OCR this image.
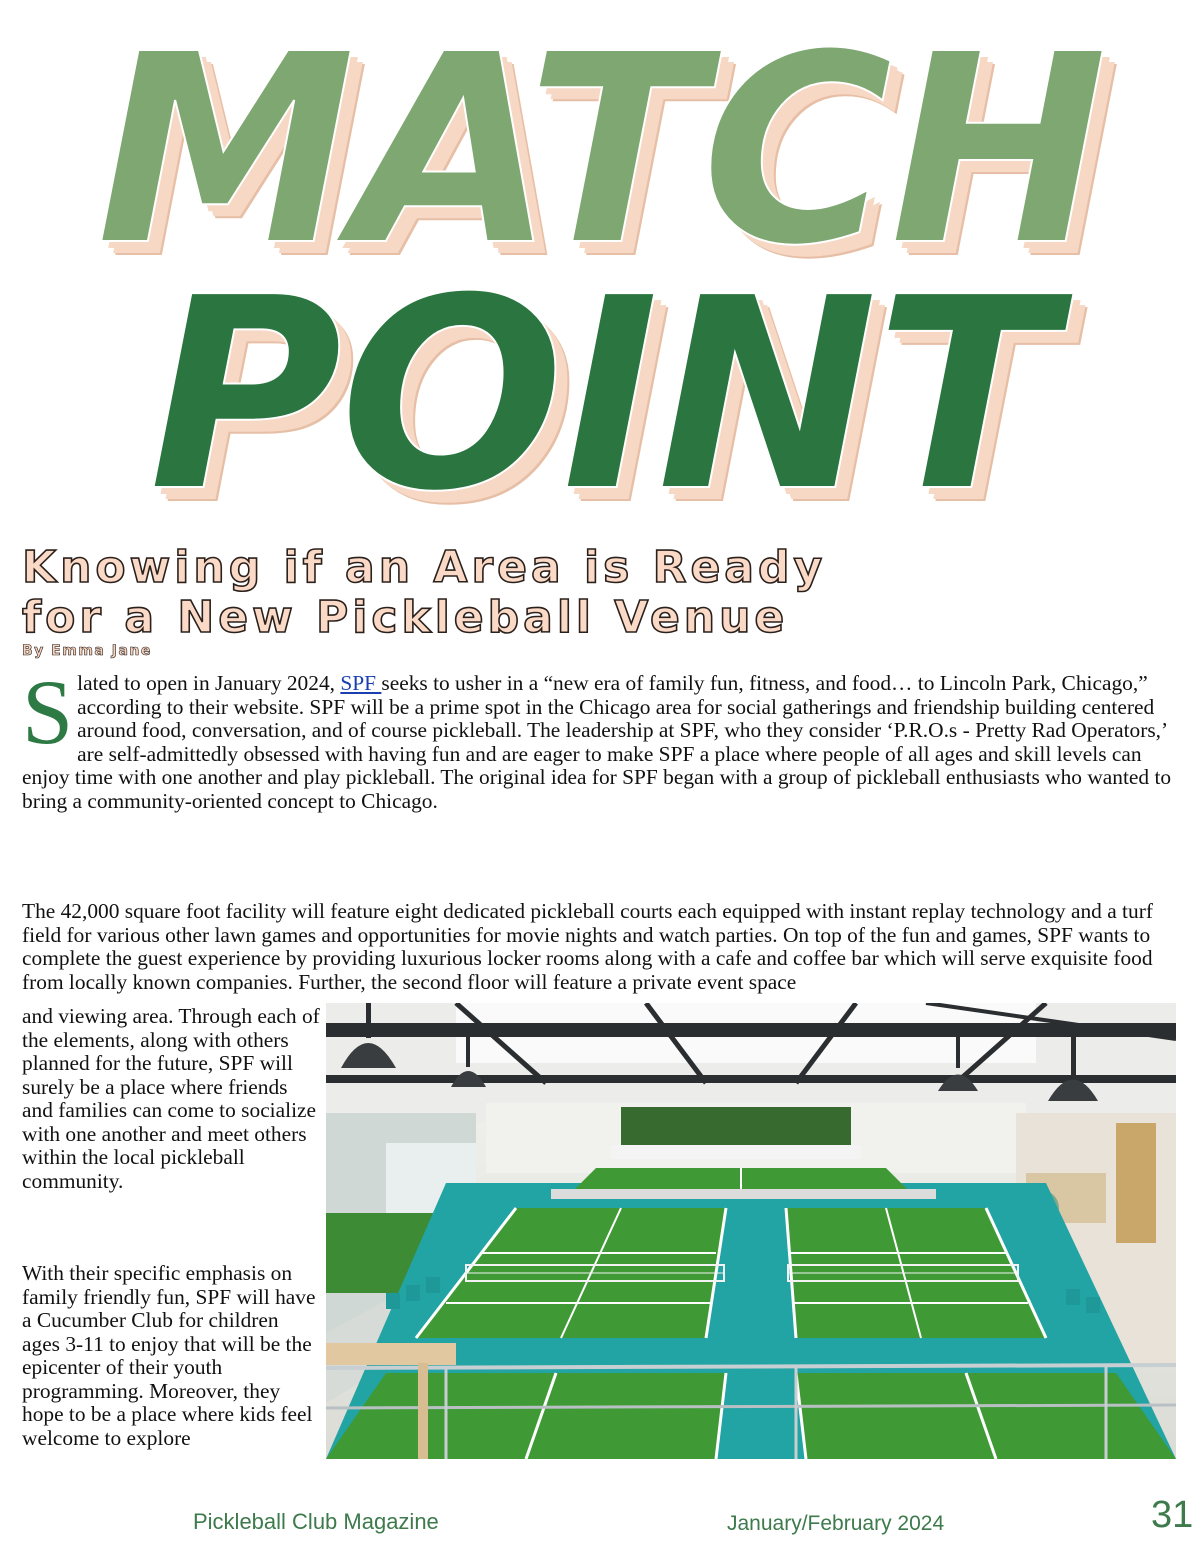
MATCH
POINT
Knowing if an Area is Ready
for a New Pickleball Venue

By Emma Jane

Slated to open in January 2024, SPF seeks to usher in a “new era of family fun, fitness, and food… to Lincoln Park, Chicago,” according to their website. SPF will be a prime spot in the Chicago area for social gatherings and friendship building centered around food, conversation, and of course pickleball. The leadership at SPF, who they consider ‘P.R.O.s - Pretty Rad Operators,’ are self-admittedly obsessed with having fun and are eager to make SPF a place where people of all ages and skill levels can enjoy time with one another and play pickleball. The original idea for SPF began with a group of pickleball enthusiasts who wanted to bring a community-oriented concept to Chicago.

The 42,000 square foot facility will feature eight dedicated pickleball courts each equipped with instant replay technology and a turf field for various other lawn games and opportunities for movie nights and watch parties. On top of the fun and games, SPF wants to complete the guest experience by providing luxurious locker rooms along with a cafe and coffee bar which will serve exquisite food from locally known companies. Further, the second floor will feature a private event space

and viewing area. Through each of the elements, along with others planned for the future, SPF will surely be a place where friends and families can come to socialize with one another and meet others within the local pickleball community.

With their specific emphasis on family friendly fun, SPF will have a Cucumber Club for children ages 3-11 to enjoy that will be the epicenter of their youth programming. Moreover, they hope to be a place where kids feel welcome to explore

Pickleball Club Magazine	January/February 2024	31
